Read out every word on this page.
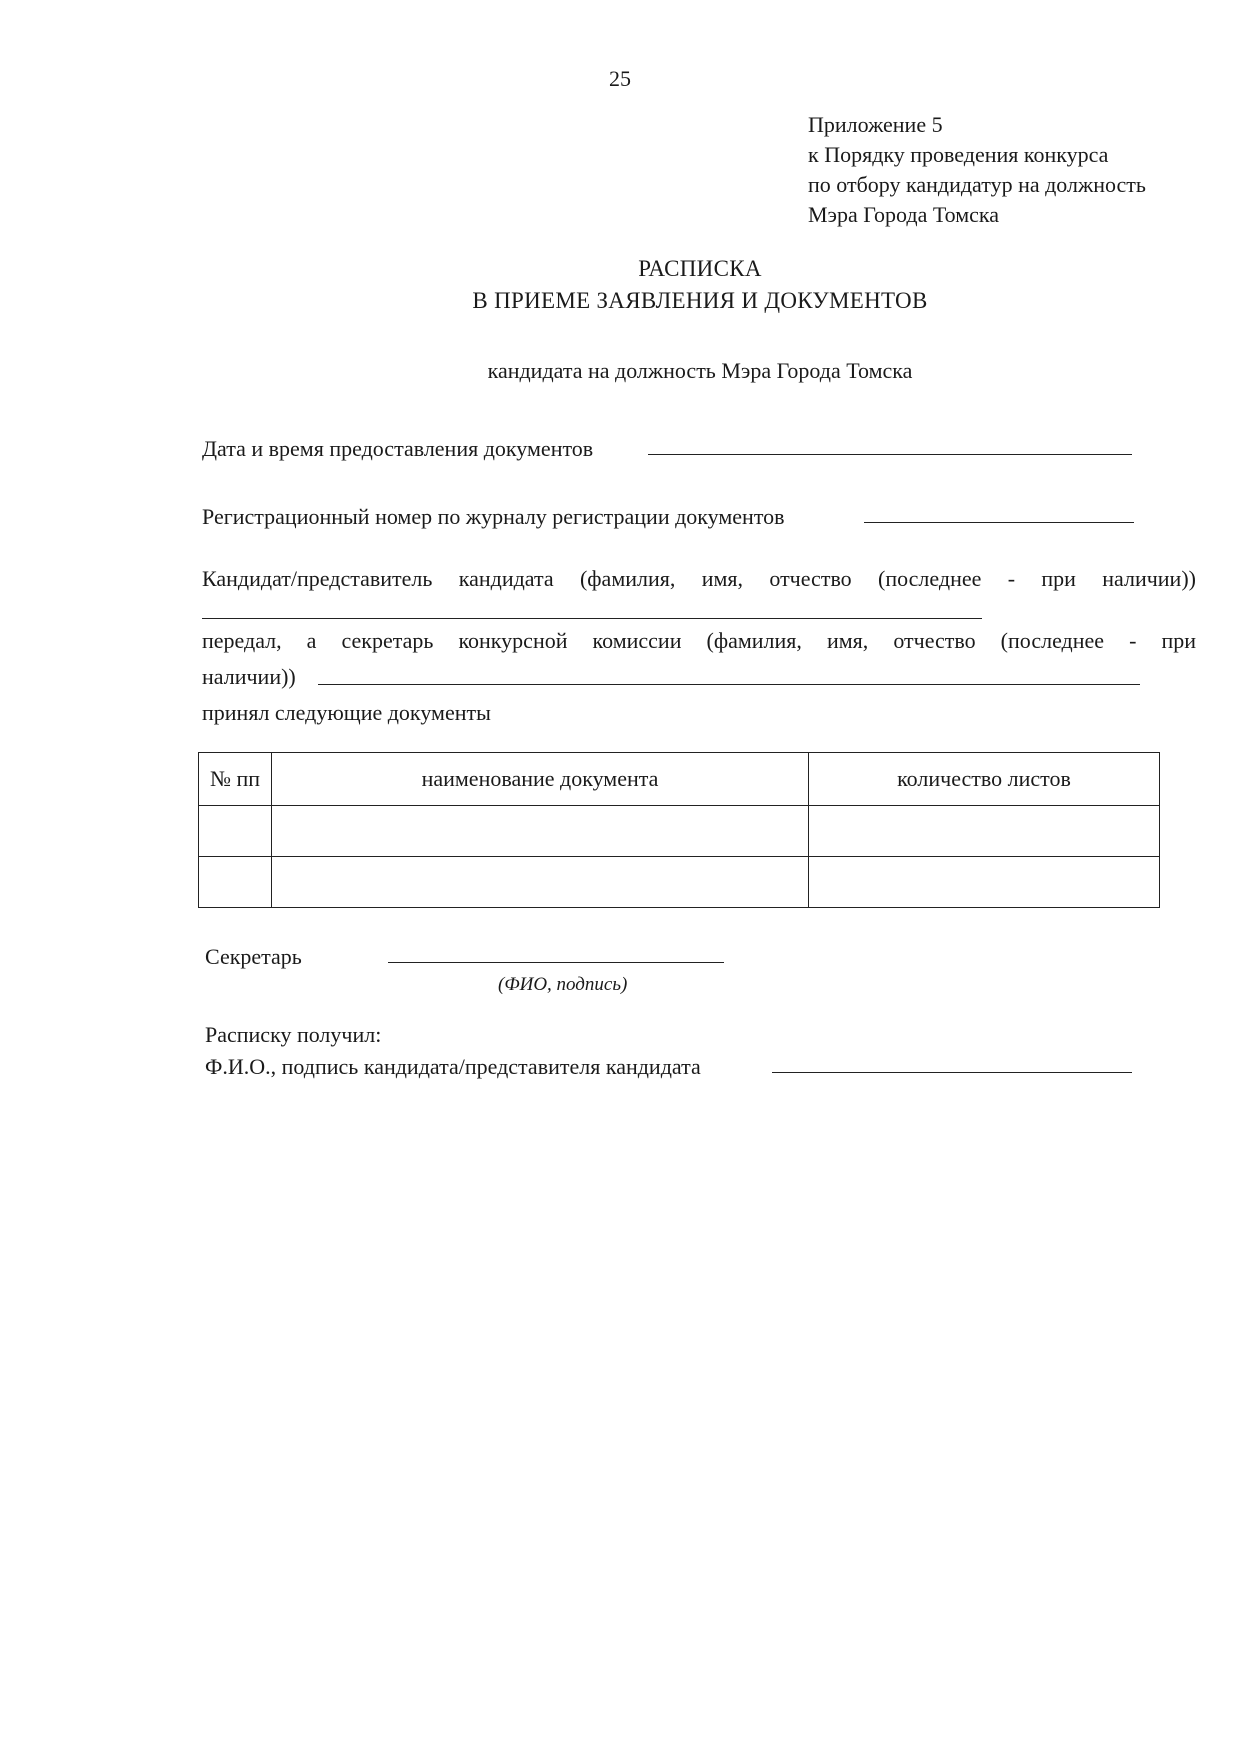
25
Приложение 5
к Порядку проведения конкурса
по отбору кандидатур на должность
Мэра Города Томска
РАСПИСКА
В ПРИЕМЕ ЗАЯВЛЕНИЯ И ДОКУМЕНТОВ
кандидата на должность Мэра Города Томска
Дата и время предоставления документов
Регистрационный номер по журналу регистрации документов
Кандидат/представитель кандидата (фамилия, имя, отчество (последнее - при наличии))
передал, а секретарь конкурсной комиссии (фамилия, имя, отчество (последнее - при
наличии))
принял следующие документы
№ пп	наименование документа	количество листов

Секретарь
(ФИО, подпись)
Расписку получил:
Ф.И.О., подпись кандидата/представителя кандидата
